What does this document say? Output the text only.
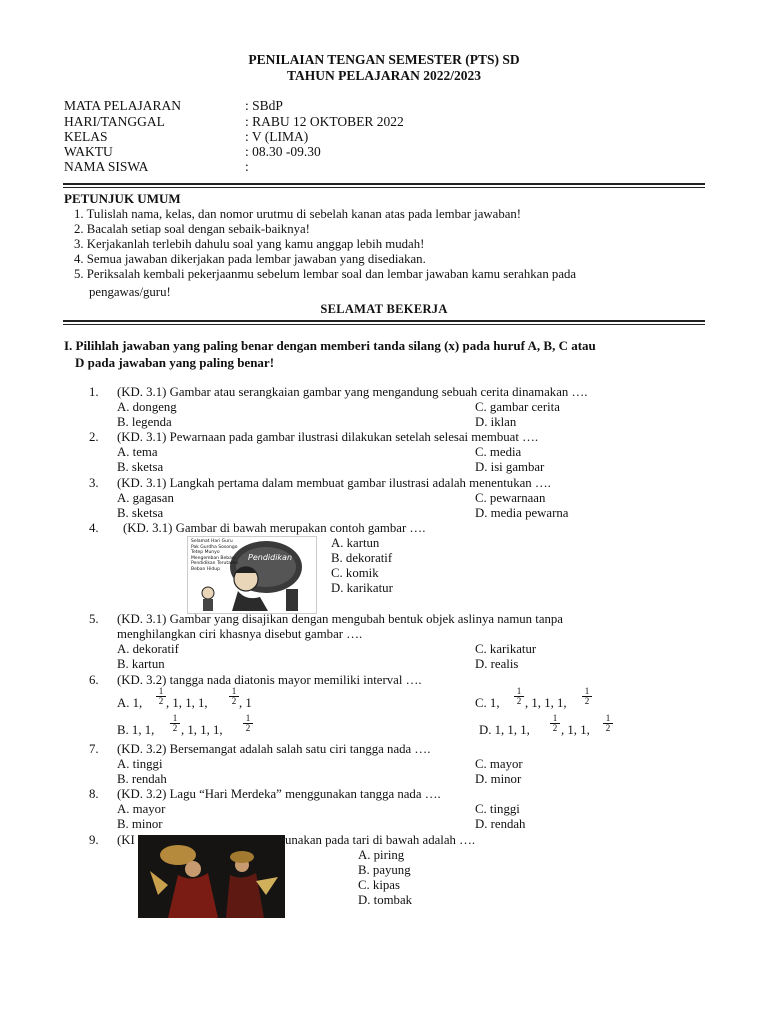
PENILAIAN TENGAN SEMESTER (PTS) SD
TAHUN PELAJARAN 2022/2023
MATA PELAJARAN	: SBdP
HARI/TANGGAL	: RABU 12 OKTOBER 2022
KELAS	: V (LIMA)
WAKTU	: 08.30 -09.30
NAMA SISWA	:
PETUNJUK UMUM
1. Tulislah nama, kelas, dan nomor urutmu di sebelah kanan atas pada lembar jawaban!
2. Bacalah setiap soal dengan sebaik-baiknya!
3. Kerjakanlah terlebih dahulu soal yang kamu anggap lebih mudah!
4. Semua jawaban dikerjakan pada lembar jawaban yang disediakan.
5. Periksalah kembali pekerjaanmu sebelum lembar soal dan lembar jawaban kamu serahkan pada
pengawas/guru!
SELAMAT BEKERJA
I. Pilihlah jawaban yang paling benar dengan memberi tanda silang (x) pada huruf A, B, C atau
D pada jawaban yang paling benar!
1. (KD. 3.1) Gambar atau serangkaian gambar yang mengandung sebuah cerita dinamakan ….
A. dongeng	C. gambar cerita
B. legenda	D. iklan
2. (KD. 3.1) Pewarnaan pada gambar ilustrasi dilakukan setelah selesai membuat ….
A. tema	C. media
B. sketsa	D. isi gambar
3. (KD. 3.1) Langkah pertama dalam membuat gambar ilustrasi adalah menentukan ….
A. gagasan	C. pewarnaan
B. sketsa	D. media pewarna
4. (KD. 3.1) Gambar di bawah merupakan contoh gambar ….
Selamat Hari Guru Pak Gurdha Sosongo Tetep Munyo Mengemban Beban Pendidikan Terutamo Beban Hidup
Pendidikan
A. kartun
B. dekoratif
C. komik
D. karikatur
5. (KD. 3.1) Gambar yang disajikan dengan mengubah bentuk objek aslinya namun tanpa
menghilangkan ciri khasnya disebut gambar ….
A. dekoratif	C. karikatur
B. kartun	D. realis
6. (KD. 3.2) tangga nada diatonis mayor memiliki interval ….
A. 1, $\frac{1}{2}$ , 1, 1, 1, $\frac{1}{2}$ , 1	C. 1, $\frac{1}{2}$ , 1, 1, 1, $\frac{1}{2}$
B. 1, 1, $\frac{1}{2}$ , 1, 1, 1, $\frac{1}{2}$	D. 1, 1, 1, $\frac{1}{2}$ , 1, 1, $\frac{1}{2}$
7. (KD. 3.2) Bersemangat adalah salah satu ciri tangga nada ….
A. tinggi	C. mayor
B. rendah	D. minor
8. (KD. 3.2) Lagu “Hari Merdeka” menggunakan tangga nada ….
A. mayor	C. tinggi
B. minor	D. rendah
9. (KI	unakan pada tari di bawah adalah ….
A. piring
B. payung
C. kipas
D. tombak
